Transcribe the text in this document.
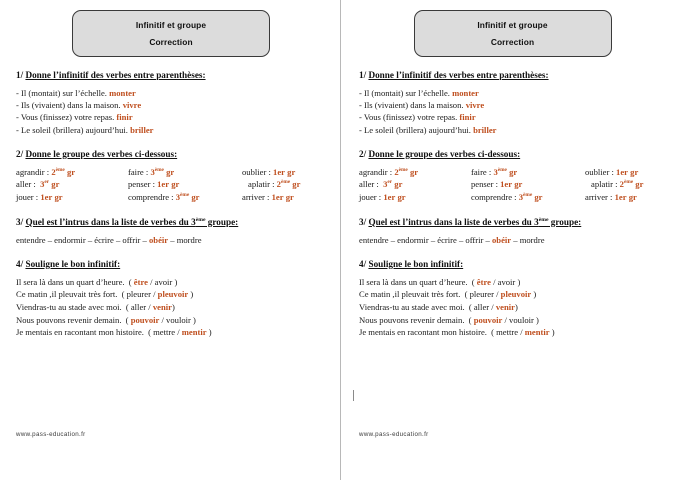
Infinitif et groupe
Correction
1/ Donne l’infinitif des verbes entre parenthèses:
- Il (montait) sur l’échelle. monter
- Ils (vivaient) dans la maison. vivre
- Vous (finissez) votre repas. finir
- Le soleil (brillera) aujourd’hui. briller
2/ Donne le groupe des verbes ci-dessous:
agrandir : 2ème gr	faire : 3ème gr	oublier : 1er gr
aller : 3er gr	penser : 1er gr	aplatir : 2ème gr
jouer : 1er gr	comprendre : 3ème gr	arriver : 1er gr
3/ Quel est l’intrus dans la liste de verbes du 3ème groupe:
entendre – endormir – écrire – offrir – obéir – mordre
4/ Souligne le bon infinitif:
Il sera là dans un quart d’heure. ( être / avoir )
Ce matin ,il pleuvait très fort. ( pleurer / pleuvoir )
Viendras-tu au stade avec moi. ( aller / venir)
Nous pouvons revenir demain. ( pouvoir / vouloir )
Je mentais en racontant mon histoire. ( mettre / mentir )
www.pass-education.fr
Infinitif et groupe
Correction
1/ Donne l’infinitif des verbes entre parenthèses:
- Il (montait) sur l’échelle. monter
- Ils (vivaient) dans la maison. vivre
- Vous (finissez) votre repas. finir
- Le soleil (brillera) aujourd’hui. briller
2/ Donne le groupe des verbes ci-dessous:
agrandir : 2ème gr	faire : 3ème gr	oublier : 1er gr
aller : 3er gr	penser : 1er gr	aplatir : 2ème gr
jouer : 1er gr	comprendre : 3ème gr	arriver : 1er gr
3/ Quel est l’intrus dans la liste de verbes du 3ème groupe:
entendre – endormir – écrire – offrir – obéir – mordre
4/ Souligne le bon infinitif:
Il sera là dans un quart d’heure. ( être / avoir )
Ce matin ,il pleuvait très fort. ( pleurer / pleuvoir )
Viendras-tu au stade avec moi. ( aller / venir)
Nous pouvons revenir demain. ( pouvoir / vouloir )
Je mentais en racontant mon histoire. ( mettre / mentir )
www.pass-education.fr
